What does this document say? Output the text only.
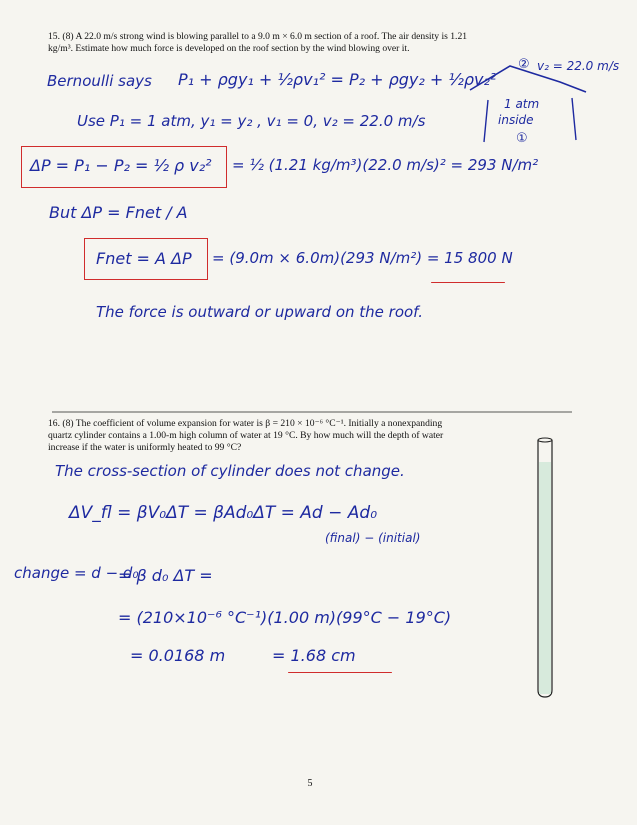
15. (8) A 22.0 m/s strong wind is blowing parallel to a 9.0 m × 6.0 m section of a roof. The air density is 1.21
kg/m³. Estimate how much force is developed on the roof section by the wind blowing over it.
Bernoulli says P₁ + ρgy₁ + ½ρv₁² = P₂ + ρgy₂ + ½ρv₂²
Use P₁ = 1 atm, y₁ = y₂ , v₁ = 0, v₂ = 22.0 m/s
ΔP = P₁ − P₂ = ½ ρ v₂² = ½ (1.21 kg/m³)(22.0 m/s)² = 293 N/m²
But ΔP = Fnet / A
Fnet = A ΔP = (9.0m × 6.0m)(293 N/m²) = 15 800 N
The force is outward or upward on the roof.
② v₂ = 22.0 m/s
1 atm
inside
①
16. (8) The coefficient of volume expansion for water is β = 210 × 10⁻⁶ °C⁻¹. Initially a nonexpanding
quartz cylinder contains a 1.00-m high column of water at 19 °C. By how much will the depth of water
increase if the water is uniformly heated to 99 °C?
The cross-section of cylinder does not change.
ΔV_fl = βV₀ΔT = βAd₀ΔT = Ad − Ad₀
(final) − (initial)
change = d − d₀
= β d₀ ΔT =
= (210×10⁻⁶ °C⁻¹)(1.00 m)(99°C − 19°C)
= 0.0168 m	= 1.68 cm
5
